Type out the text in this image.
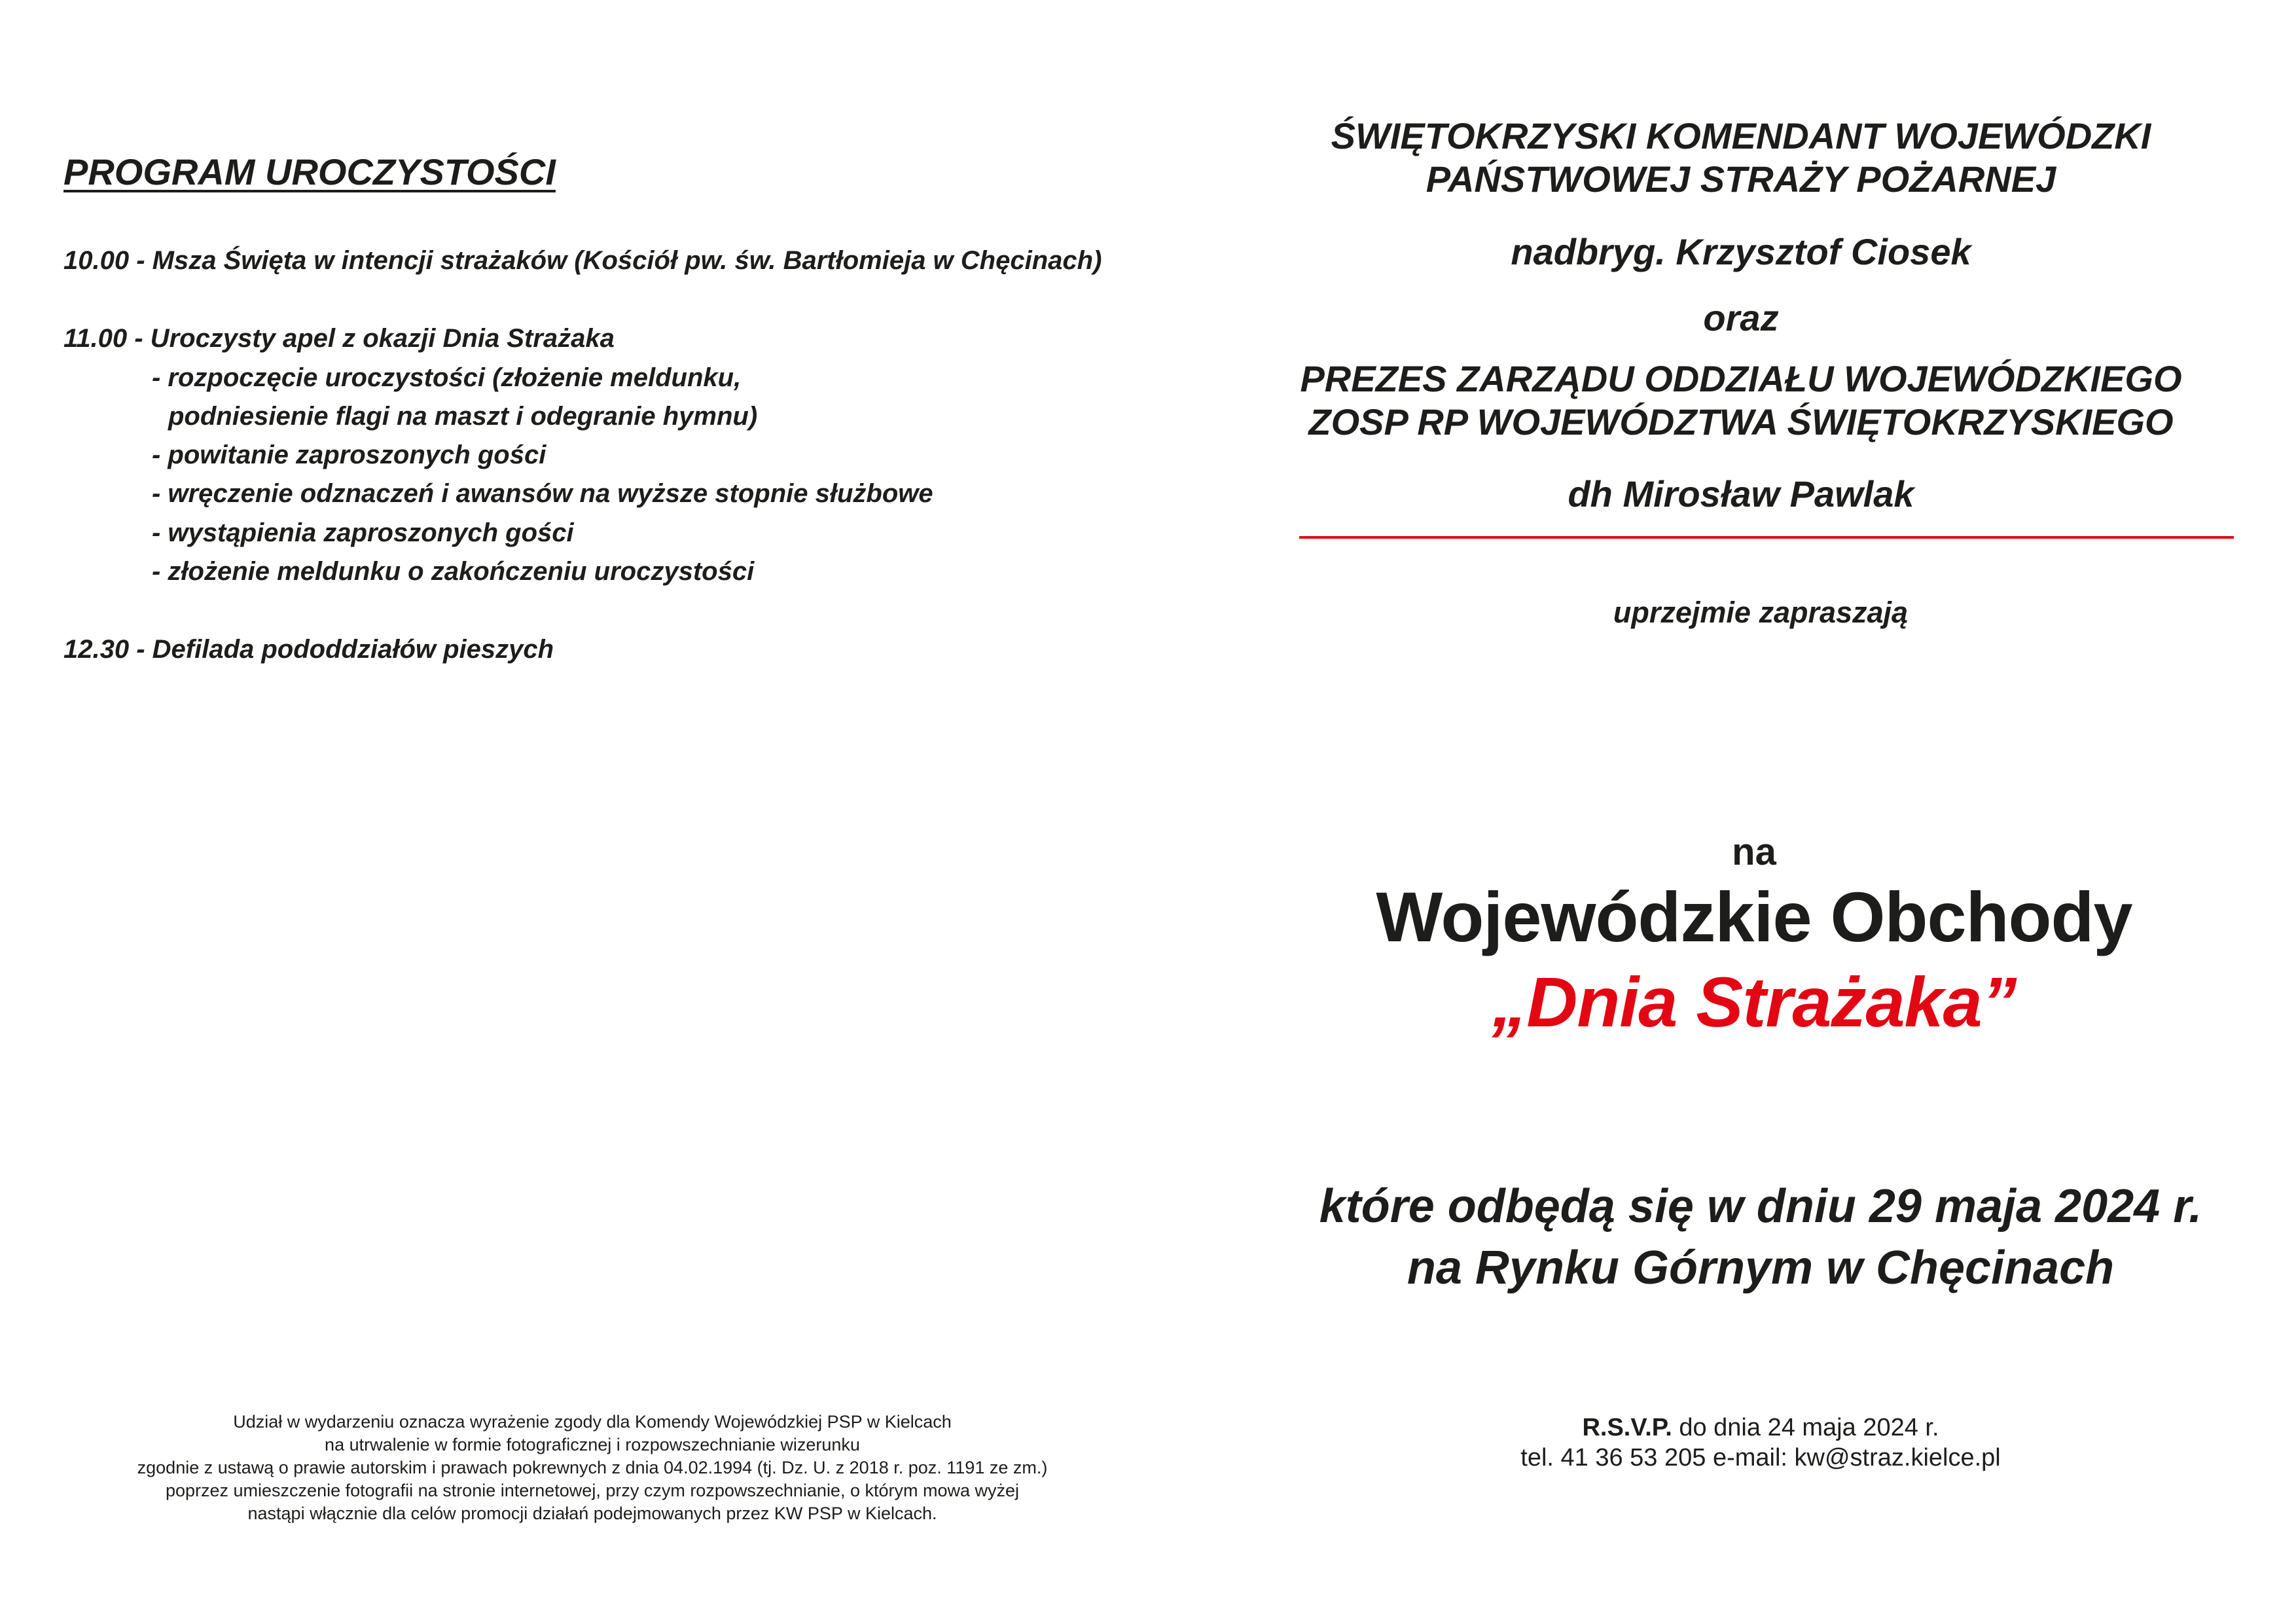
PROGRAM UROCZYSTOŚCI
10.00 - Msza Święta w intencji strażaków (Kościół pw. św. Bartłomieja w Chęcinach)
11.00 - Uroczysty apel z okazji Dnia Strażaka
- rozpoczęcie uroczystości (złożenie meldunku,
podniesienie flagi na maszt i odegranie hymnu)
- powitanie zaproszonych gości
- wręczenie odznaczeń i awansów na wyższe stopnie służbowe
- wystąpienia zaproszonych gości
- złożenie meldunku o zakończeniu uroczystości
12.30 - Defilada pododdziałów pieszych
Udział w wydarzeniu oznacza wyrażenie zgody dla Komendy Wojewódzkiej PSP w Kielcach
na utrwalenie w formie fotograficznej i rozpowszechnianie wizerunku
zgodnie z ustawą o prawie autorskim i prawach pokrewnych z dnia 04.02.1994 (tj. Dz. U. z 2018 r. poz. 1191 ze zm.)
poprzez umieszczenie fotografii na stronie internetowej, przy czym rozpowszechnianie, o którym mowa wyżej
nastąpi włącznie dla celów promocji działań podejmowanych przez KW PSP w Kielcach.
ŚWIĘTOKRZYSKI KOMENDANT WOJEWÓDZKI
PAŃSTWOWEJ STRAŻY POŻARNEJ
nadbryg. Krzysztof Ciosek
oraz
PREZES ZARZĄDU ODDZIAŁU WOJEWÓDZKIEGO
ZOSP RP WOJEWÓDZTWA ŚWIĘTOKRZYSKIEGO
dh Mirosław Pawlak
uprzejmie zapraszają
na
Wojewódzkie Obchody
„Dnia Strażaka”
które odbędą się w dniu 29 maja 2024 r.
na Rynku Górnym w Chęcinach
R.S.V.P. do dnia 24 maja 2024 r.
tel. 41 36 53 205 e-mail: kw@straz.kielce.pl
